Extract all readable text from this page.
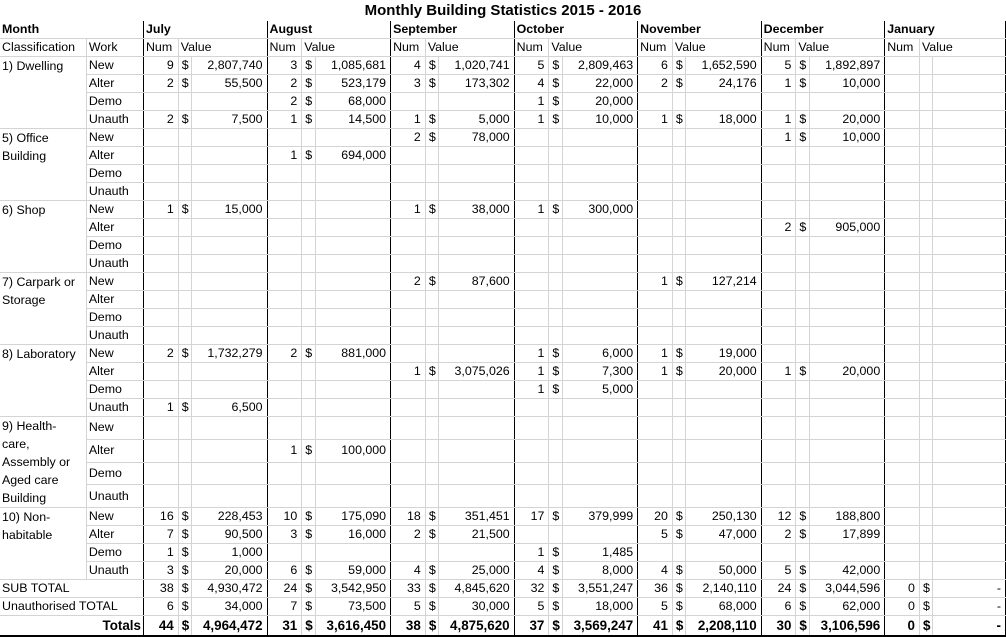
Monthly Building Statistics 2015 - 2016
Month		July			August			September			October			November			December			January		
Classification	Work	Num	Value		Num	Value		Num	Value		Num	Value		Num	Value		Num	Value		Num	Value	
1) Dwelling	New	9	$	2,807,740	3	$	1,085,681	4	$	1,020,741	5	$	2,809,463	6	$	1,652,590	5	$	1,892,897			
	Alter	2	$	55,500	2	$	523,179	3	$	173,302	4	$	22,000	2	$	24,176	1	$	10,000			
	Demo				2	$	68,000				1	$	20,000									
	Unauth	2	$	7,500	1	$	14,500	1	$	5,000	1	$	10,000	1	$	18,000	1	$	20,000			
5) Office Building	New							2	$	78,000							1	$	10,000			
	Alter				1	$	694,000															
	Demo																					
	Unauth																					
6) Shop	New	1	$	15,000				1	$	38,000	1	$	300,000									
	Alter																2	$	905,000			
	Demo																					
	Unauth																					
7) Carpark or Storage	New							2	$	87,600				1	$	127,214						
	Alter																					
	Demo																					
	Unauth																					
8) Laboratory	New	2	$	1,732,279	2	$	881,000				1	$	6,000	1	$	19,000						
	Alter							1	$	3,075,026	1	$	7,300	1	$	20,000	1	$	20,000			
	Demo										1	$	5,000									
	Unauth	1	$	6,500																		
9) Health-care, Assembly or Aged care Building	New																					
	Alter				1	$	100,000															
	Demo																					
	Unauth																					
10) Non-habitable	New	16	$	228,453	10	$	175,090	18	$	351,451	17	$	379,999	20	$	250,130	12	$	188,800			
	Alter	7	$	90,500	3	$	16,000	2	$	21,500				5	$	47,000	2	$	17,899			
	Demo	1	$	1,000							1	$	1,485									
	Unauth	3	$	20,000	6	$	59,000	4	$	25,000	4	$	8,000	4	$	50,000	5	$	42,000			
SUB TOTAL		38	$	4,930,472	24	$	3,542,950	33	$	4,845,620	32	$	3,551,247	36	$	2,140,110	24	$	3,044,596	0	$	-
Unauthorised TOTAL		6	$	34,000	7	$	73,500	5	$	30,000	5	$	18,000	5	$	68,000	6	$	62,000	0	$	-
Totals		44	$	4,964,472	31	$	3,616,450	38	$	4,875,620	37	$	3,569,247	41	$	2,208,110	30	$	3,106,596	0	$	-
